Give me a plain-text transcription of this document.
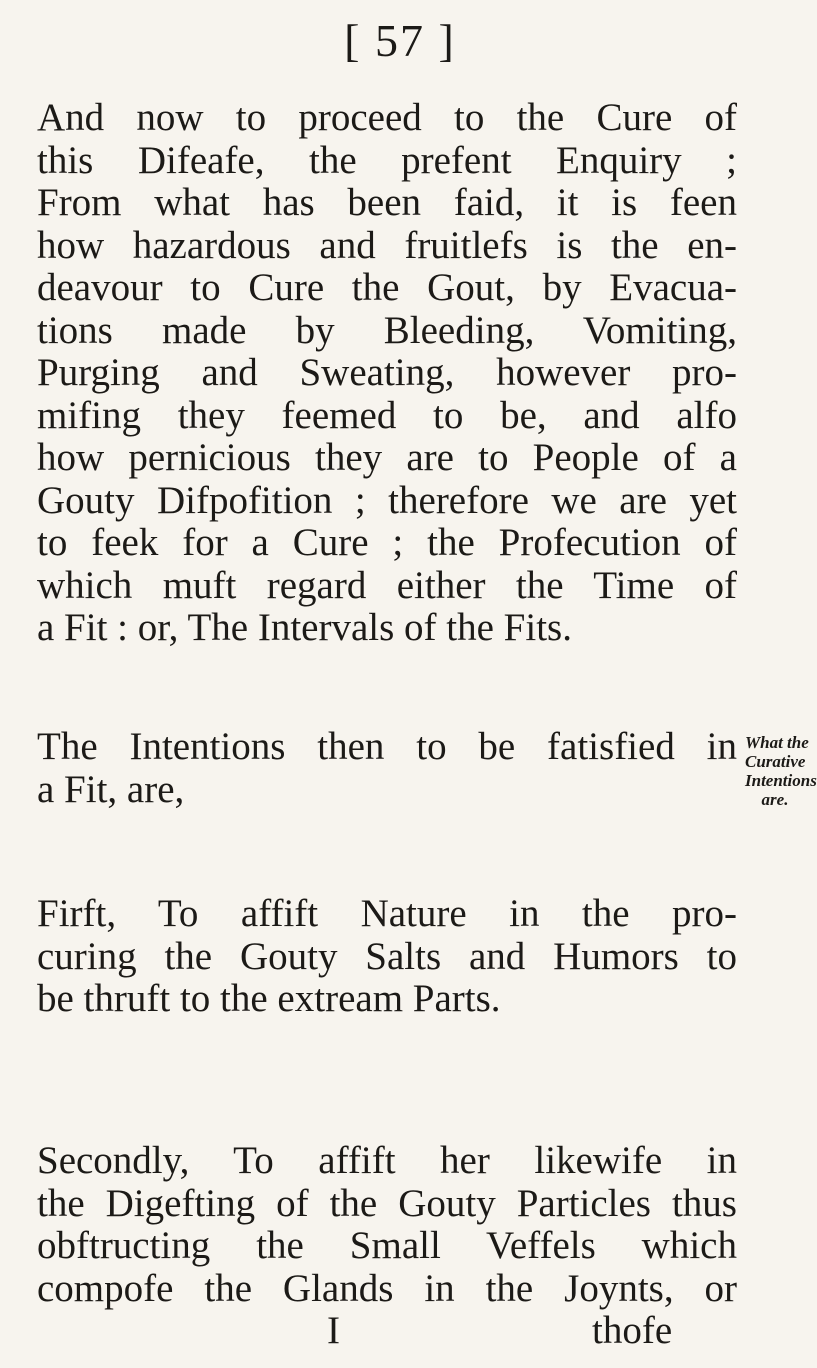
[ 57 ]
And now to proceed to the Cure of
this Difeafe, the prefent Enquiry ;
From what has been faid, it is feen
how hazardous and fruitlefs is the en-
deavour to Cure the Gout, by Evacua-
tions made by Bleeding, Vomiting,
Purging and Sweating, however pro-
mifing they feemed to be, and alfo
how pernicious they are to People of a
Gouty Difpofition ; therefore we are yet
to feek for a Cure ; the Profecution of
which muft regard either the Time of
a Fit : or, The Intervals of the Fits.
The Intentions then to be fatisfied in
a Fit, are,
What the
Curative
Intentions
are.
Firft, To affift Nature in the pro-
curing the Gouty Salts and Humors to
be thruft to the extream Parts.
Secondly, To affift her likewife in
the Digefting of the Gouty Particles thus
obftructing the Small Veffels which
compofe the Glands in the Joynts, or
I	thofe
